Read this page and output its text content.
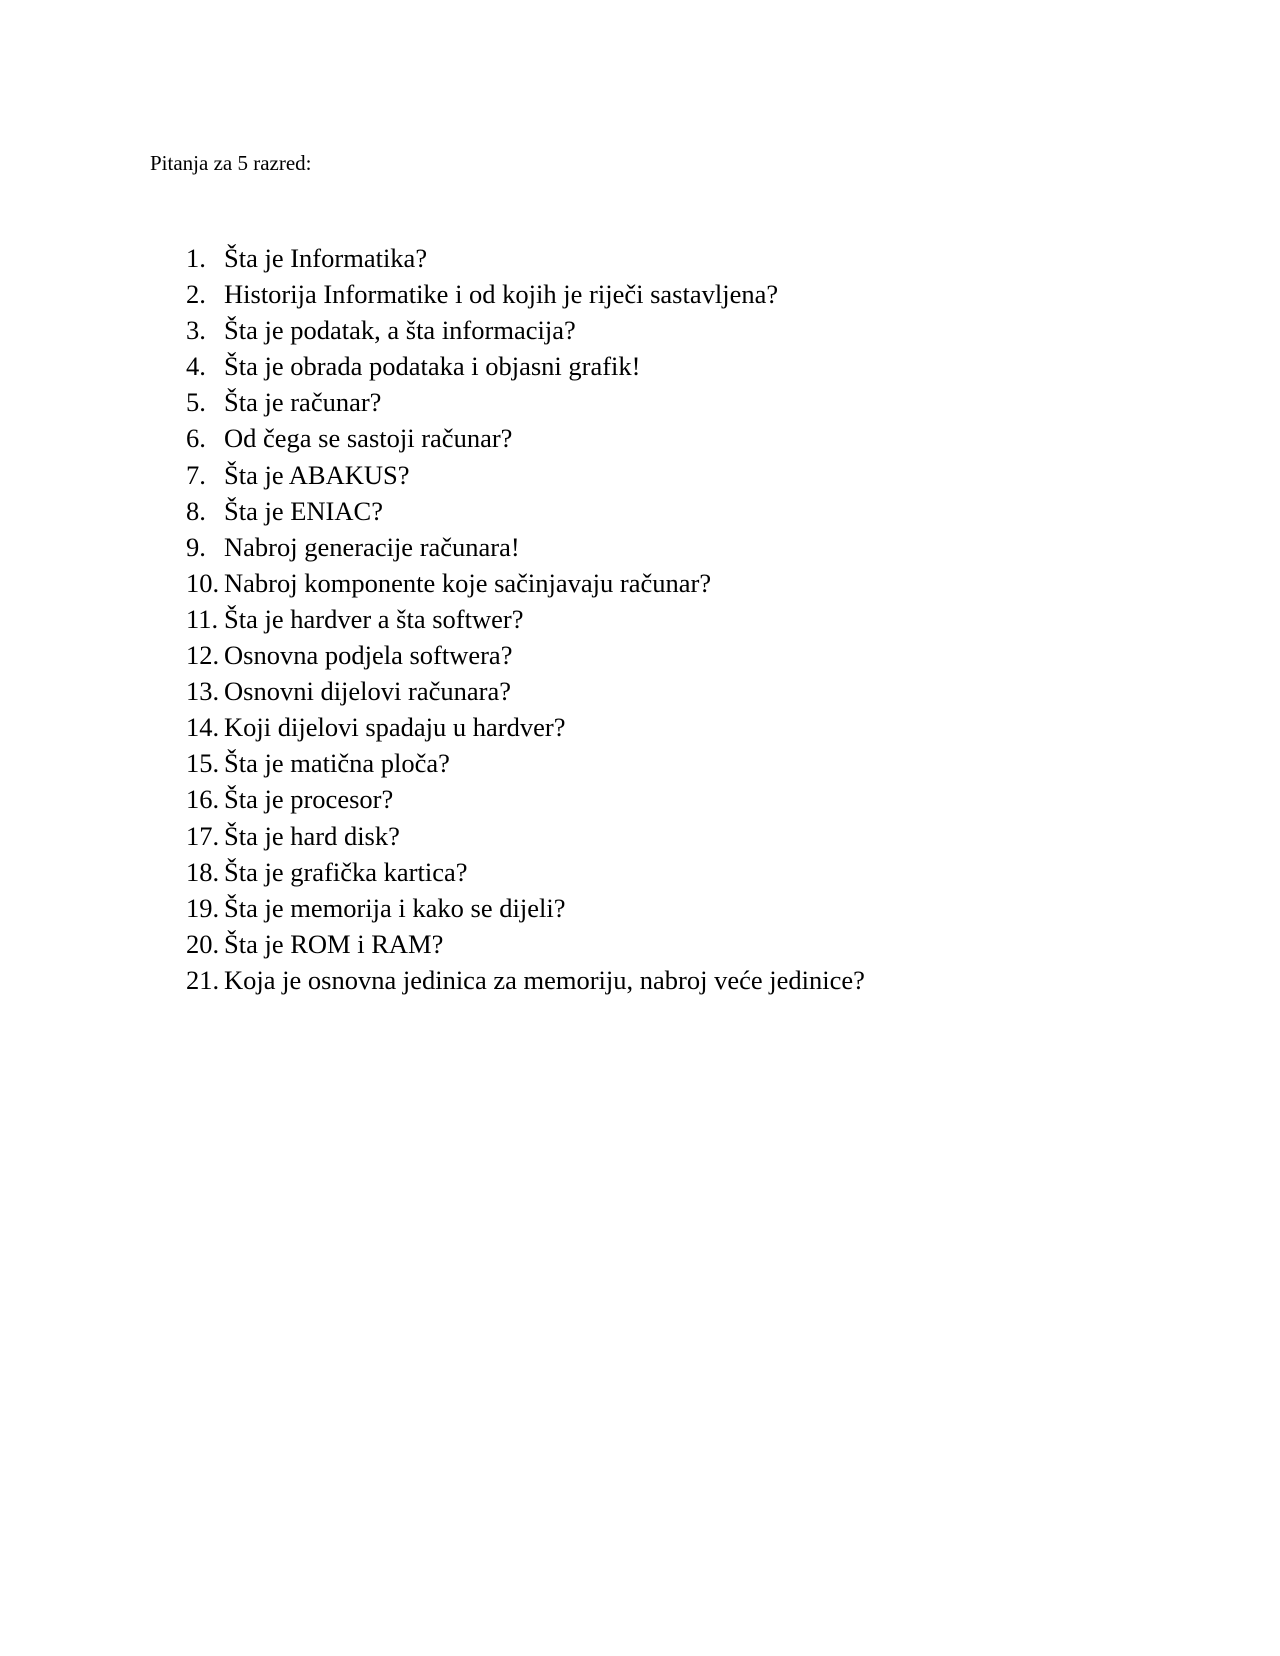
Pitanja za 5 razred:
1. Šta je Informatika?
2. Historija Informatike i od kojih je riječi sastavljena?
3. Šta je podatak, a šta informacija?
4. Šta je obrada podataka i objasni grafik!
5. Šta je računar?
6. Od čega se sastoji računar?
7. Šta je ABAKUS?
8. Šta je ENIAC?
9. Nabroj generacije računara!
10. Nabroj komponente koje sačinjavaju računar?
11. Šta je hardver a šta softwer?
12. Osnovna podjela softwera?
13. Osnovni dijelovi računara?
14. Koji dijelovi spadaju u hardver?
15. Šta je matična ploča?
16. Šta je procesor?
17. Šta je hard disk?
18. Šta je grafička kartica?
19. Šta je memorija i kako se dijeli?
20. Šta je ROM i RAM?
21. Koja je osnovna jedinica za memoriju, nabroj veće jedinice?
